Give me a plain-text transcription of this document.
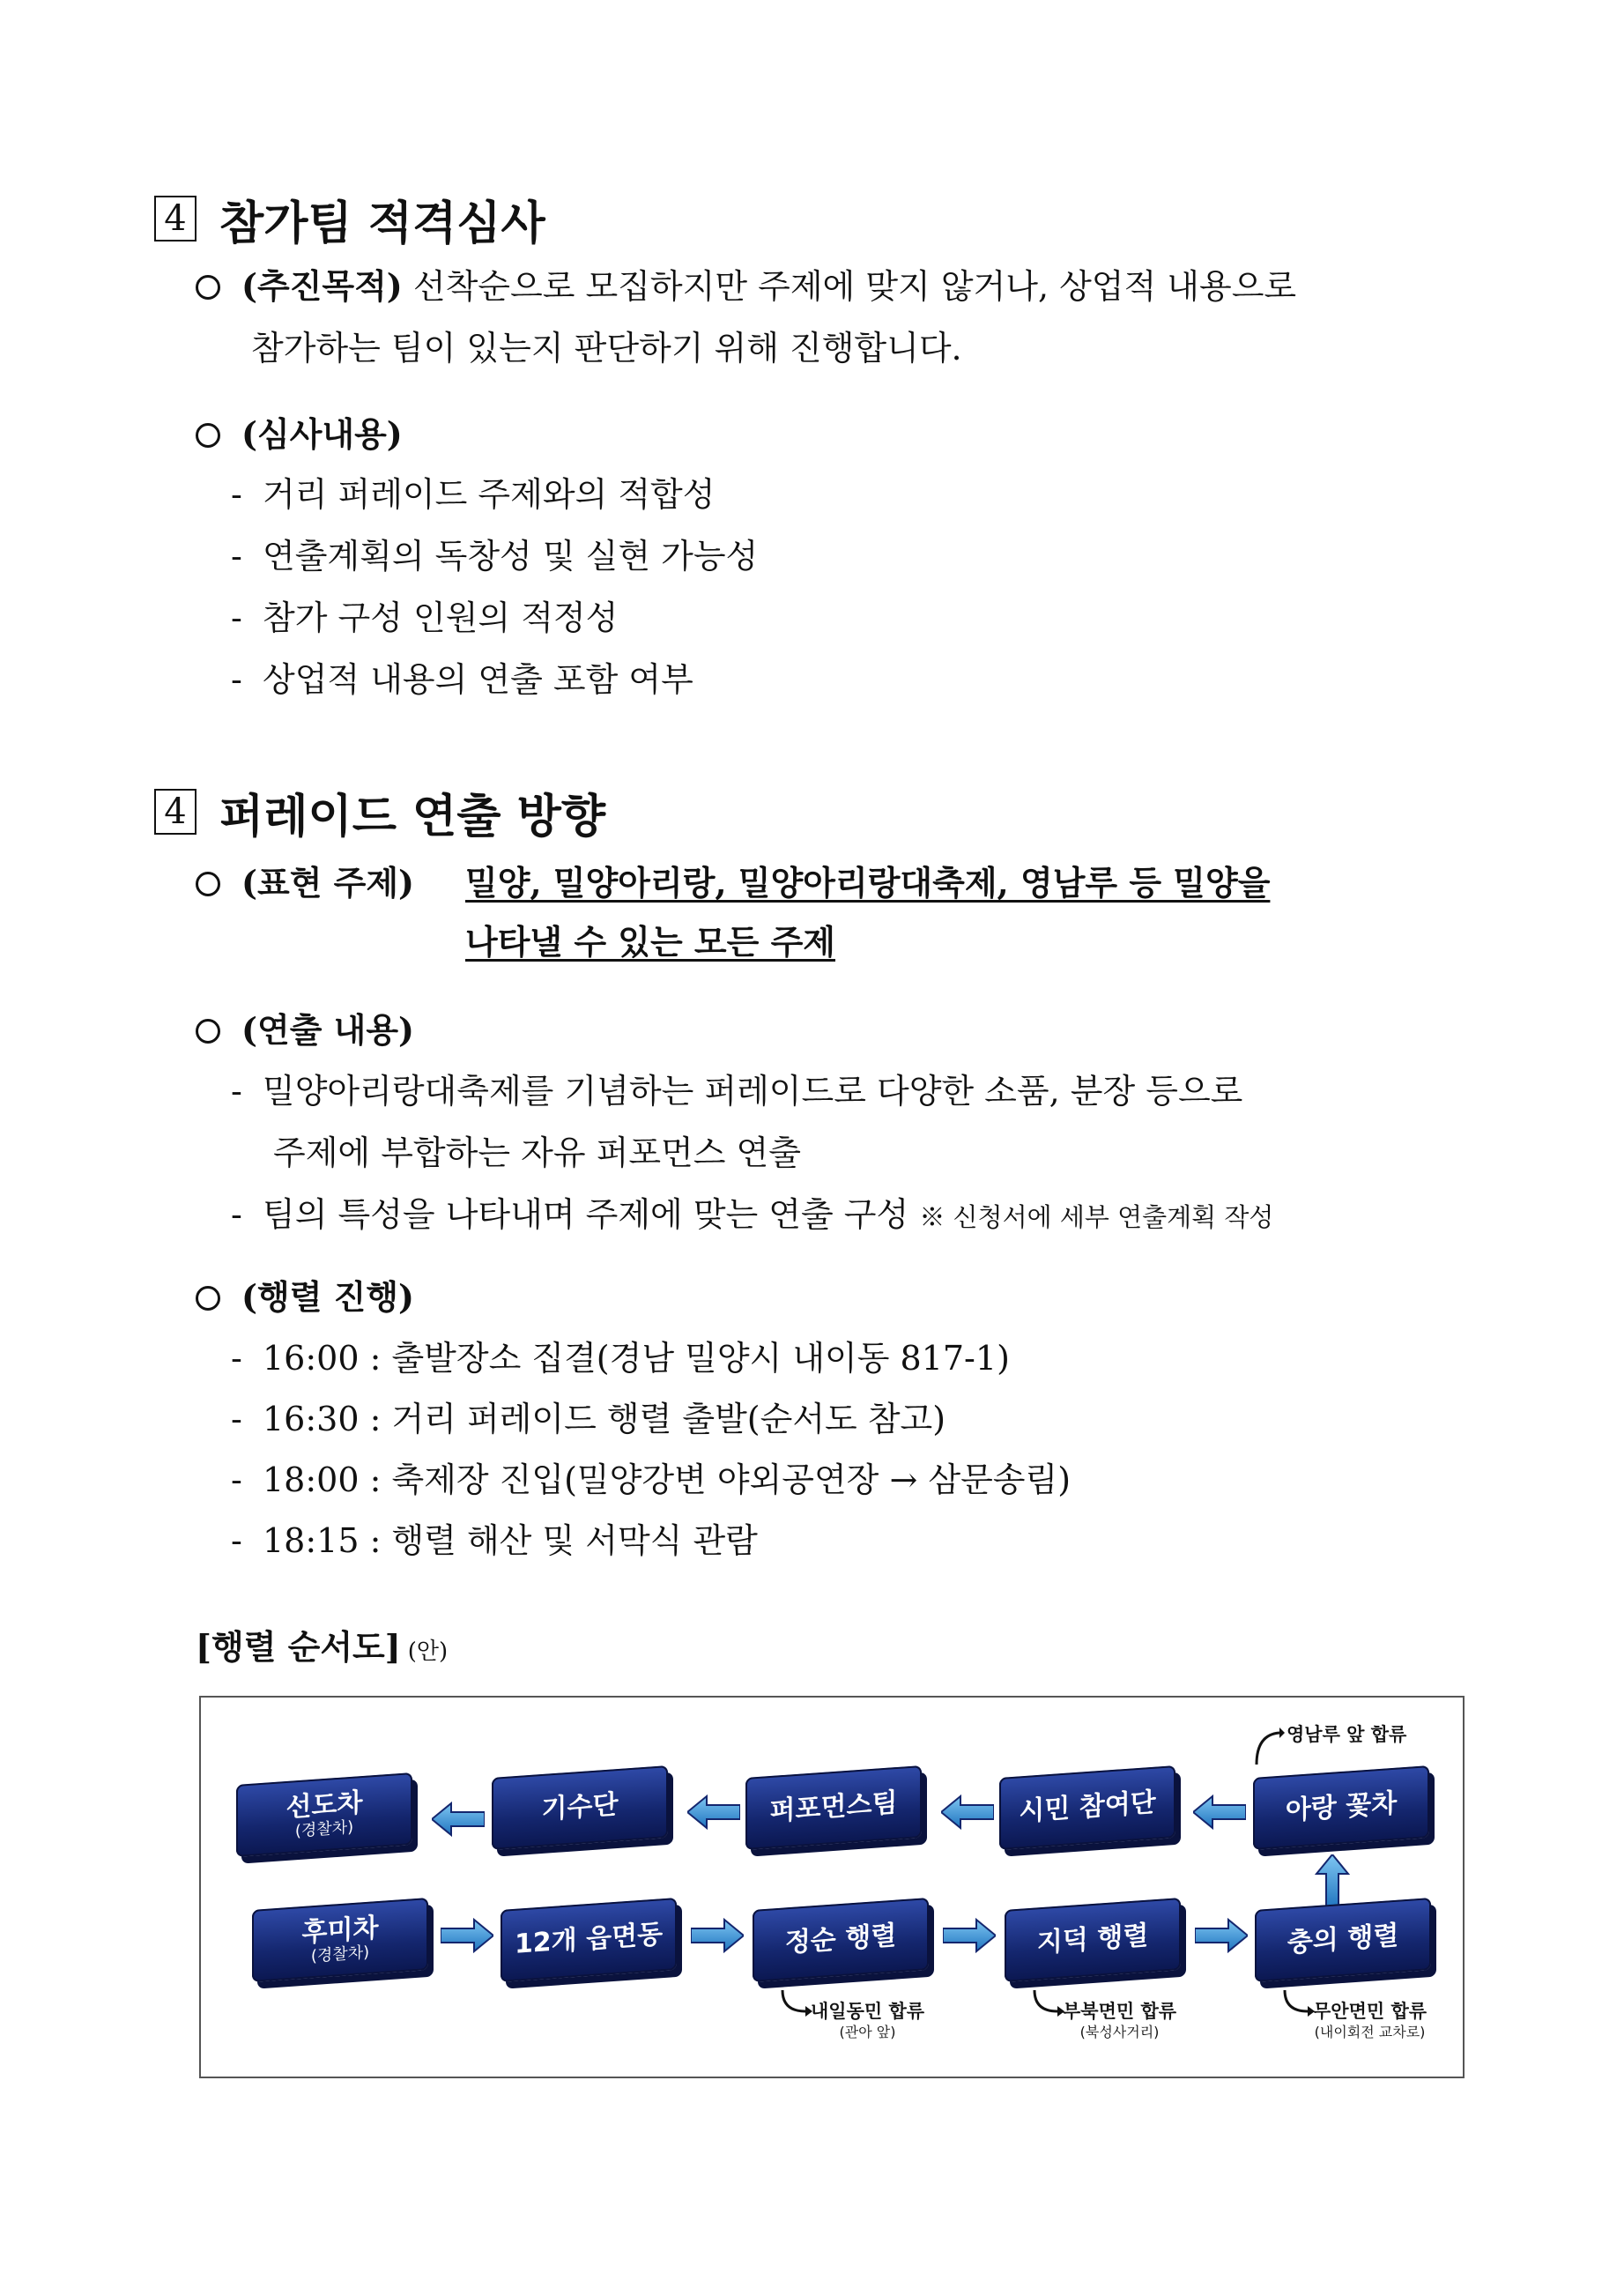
4 참가팀 적격심사
(추진목적) 선착순으로 모집하지만 주제에 맞지 않거나, 상업적 내용으로
참가하는 팀이 있는지 판단하기 위해 진행합니다.
(심사내용)
- 거리 퍼레이드 주제와의 적합성
- 연출계획의 독창성 및 실현 가능성
- 참가 구성 인원의 적정성
- 상업적 내용의 연출 포함 여부
4 퍼레이드 연출 방향
(표현 주제) 밀양, 밀양아리랑, 밀양아리랑대축제, 영남루 등 밀양을
나타낼 수 있는 모든 주제
(연출 내용)
- 밀양아리랑대축제를 기념하는 퍼레이드로 다양한 소품, 분장 등으로
주제에 부합하는 자유 퍼포먼스 연출
- 팀의 특성을 나타내며 주제에 맞는 연출 구성 ※ 신청서에 세부 연출계획 작성
(행렬 진행)
- 16:00 : 출발장소 집결(경남 밀양시 내이동 817-1)
- 16:30 : 거리 퍼레이드 행렬 출발(순서도 참고)
- 18:00 : 축제장 진입(밀양강변 야외공연장 → 삼문송림)
- 18:15 : 행렬 해산 및 서막식 관람
[행렬 순서도] (안)
선도차
(경찰차)
기수단	퍼포먼스팀	시민 참여단	아랑 꽃차
영남루 앞 합류
후미차
(경찰차)	12개 읍면동	정순 행렬	지덕 행렬	충의 행렬
내일동민 합류
(관아 앞)
부북면민 합류
(북성사거리)
무안면민 합류
(내이회전 교차로)
